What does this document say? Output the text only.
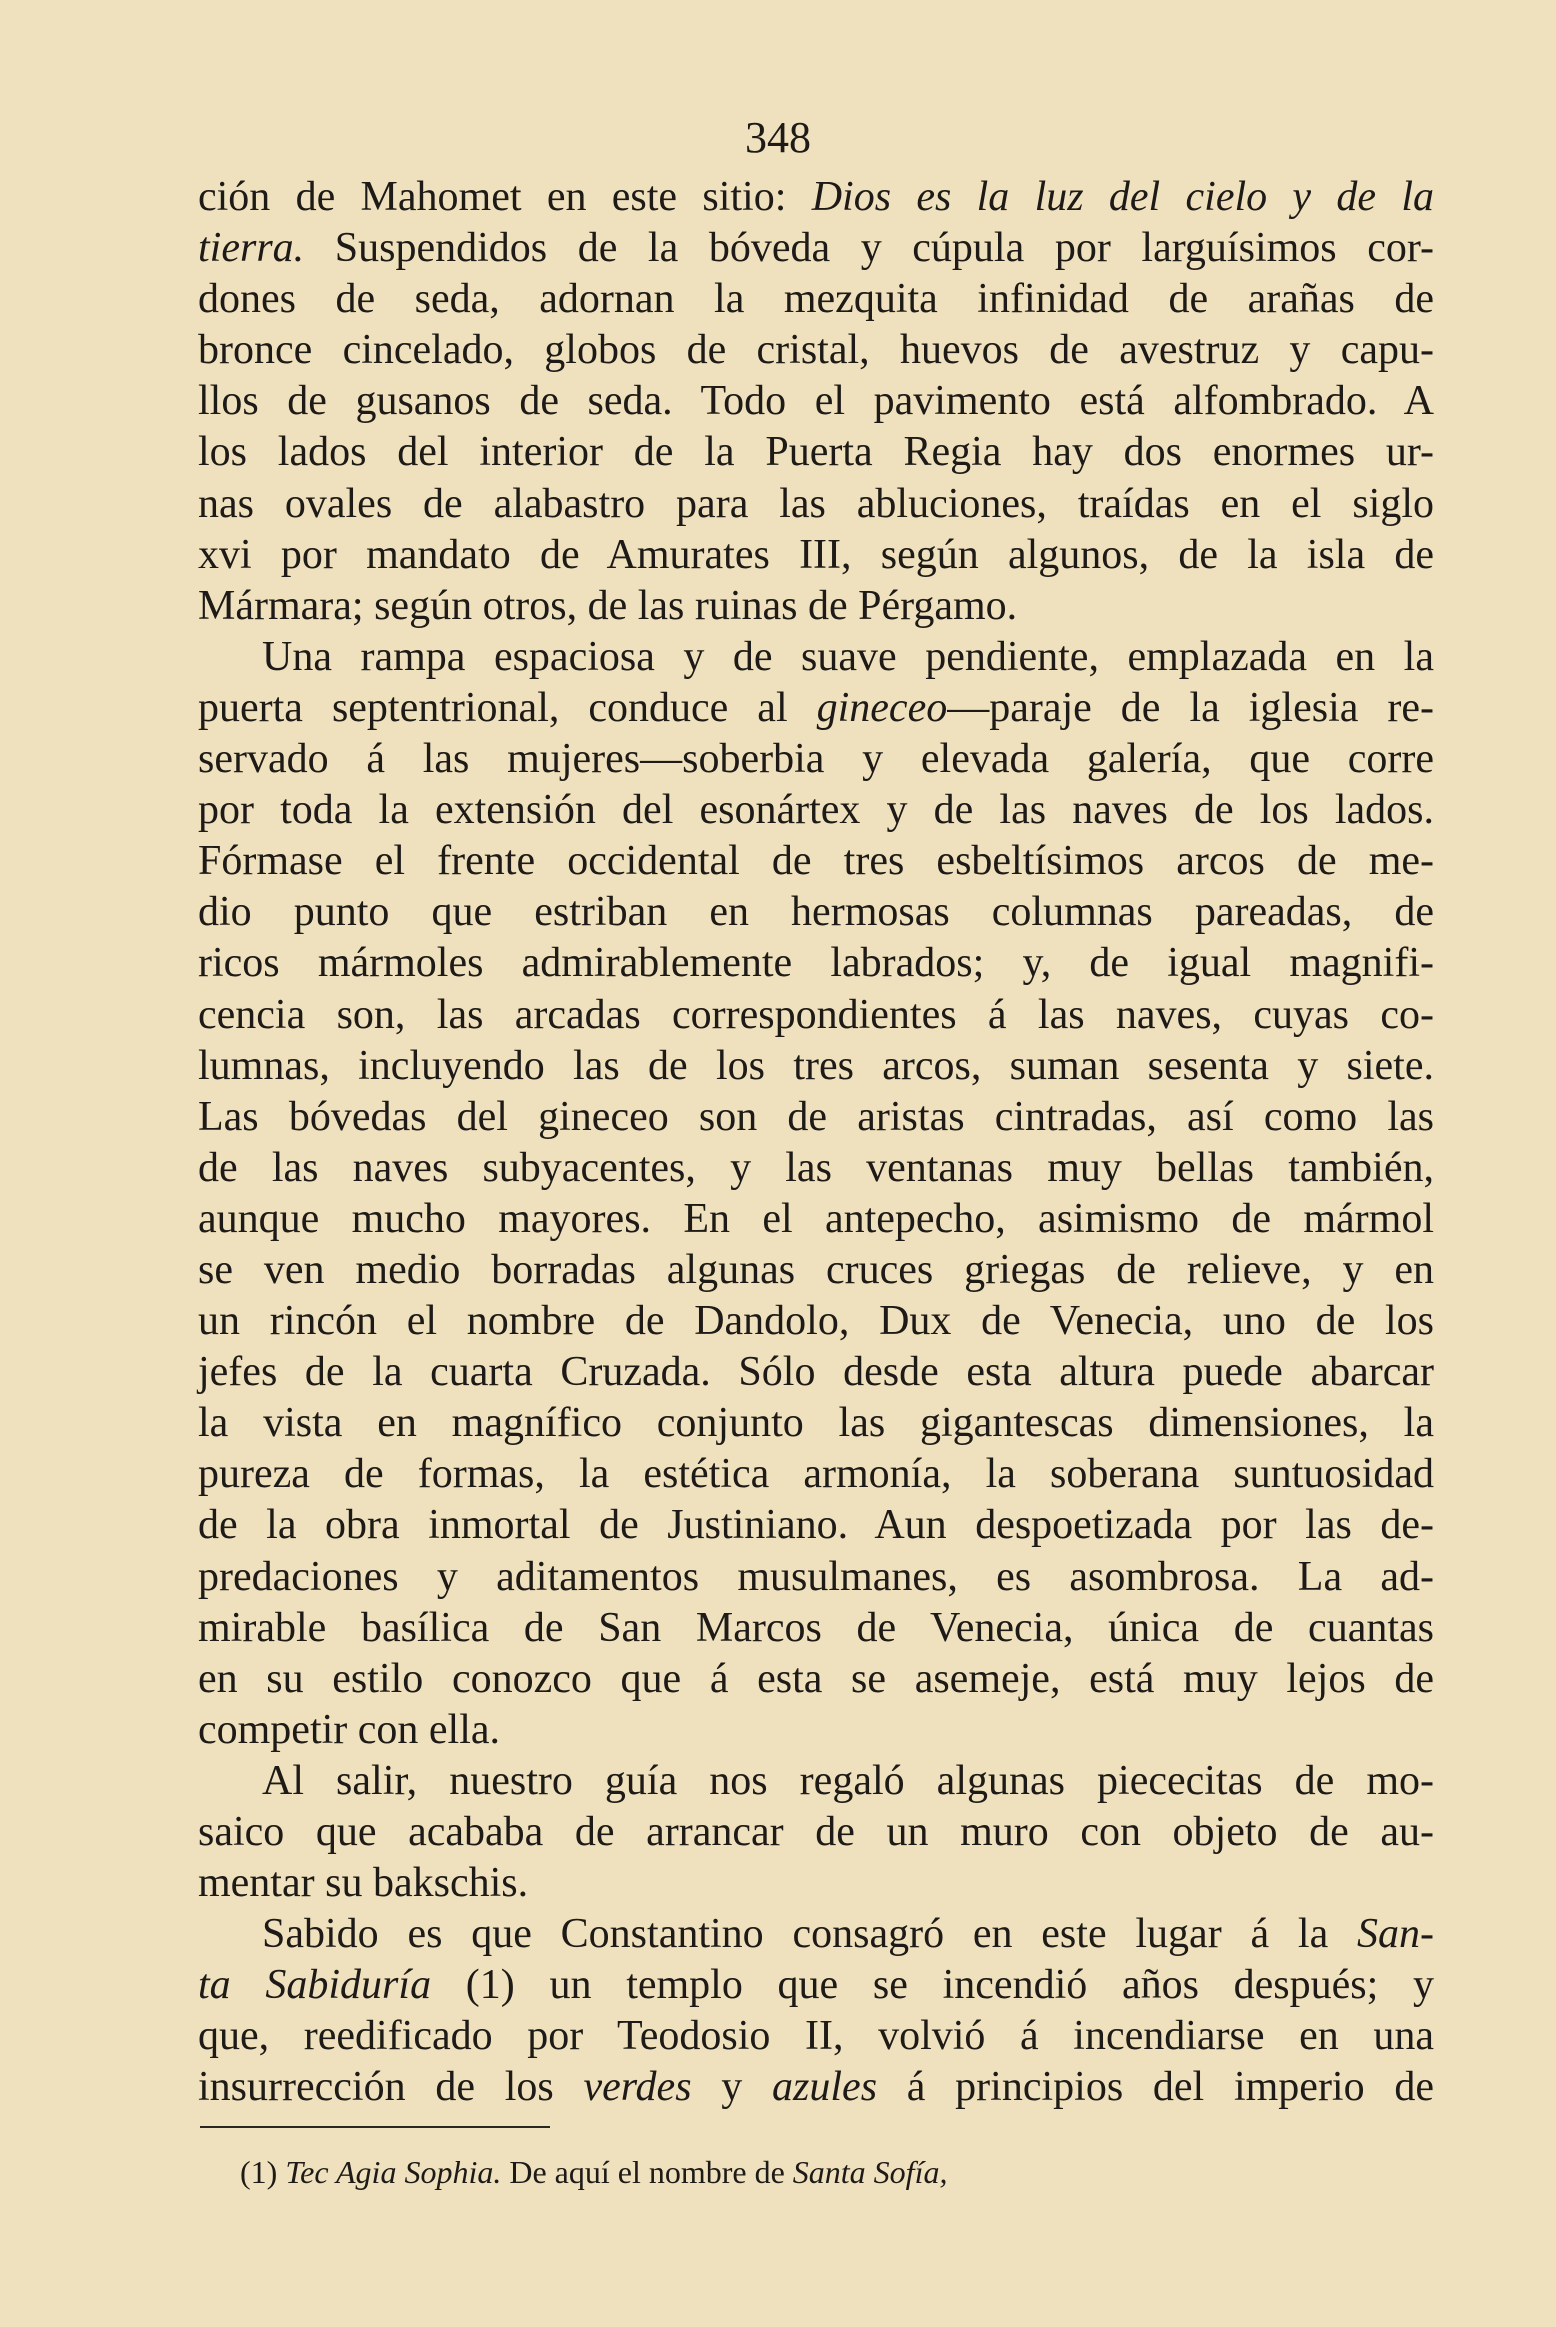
348
ción de Mahomet en este sitio: Dios es la luz del cielo y de la
tierra. Suspendidos de la bóveda y cúpula por larguísimos cor-
dones de seda, adornan la mezquita infinidad de arañas de
bronce cincelado, globos de cristal, huevos de avestruz y capu-
llos de gusanos de seda. Todo el pavimento está alfombrado. A
los lados del interior de la Puerta Regia hay dos enormes ur-
nas ovales de alabastro para las abluciones, traídas en el siglo
xvi por mandato de Amurates III, según algunos, de la isla de
Mármara; según otros, de las ruinas de Pérgamo.
Una rampa espaciosa y de suave pendiente, emplazada en la
puerta septentrional, conduce al gineceo—paraje de la iglesia re-
servado á las mujeres—soberbia y elevada galería, que corre
por toda la extensión del esonártex y de las naves de los lados.
Fórmase el frente occidental de tres esbeltísimos arcos de me-
dio punto que estriban en hermosas columnas pareadas, de
ricos mármoles admirablemente labrados; y, de igual magnifi-
cencia son, las arcadas correspondientes á las naves, cuyas co-
lumnas, incluyendo las de los tres arcos, suman sesenta y siete.
Las bóvedas del gineceo son de aristas cintradas, así como las
de las naves subyacentes, y las ventanas muy bellas también,
aunque mucho mayores. En el antepecho, asimismo de mármol
se ven medio borradas algunas cruces griegas de relieve, y en
un rincón el nombre de Dandolo, Dux de Venecia, uno de los
jefes de la cuarta Cruzada. Sólo desde esta altura puede abarcar
la vista en magnífico conjunto las gigantescas dimensiones, la
pureza de formas, la estética armonía, la soberana suntuosidad
de la obra inmortal de Justiniano. Aun despoetizada por las de-
predaciones y aditamentos musulmanes, es asombrosa. La ad-
mirable basílica de San Marcos de Venecia, única de cuantas
en su estilo conozco que á esta se asemeje, está muy lejos de
competir con ella.
Al salir, nuestro guía nos regaló algunas piececitas de mo-
saico que acababa de arrancar de un muro con objeto de au-
mentar su bakschis.
Sabido es que Constantino consagró en este lugar á la San-
ta Sabiduría (1) un templo que se incendió años después; y
que, reedificado por Teodosio II, volvió á incendiarse en una
insurrección de los verdes y azules á principios del imperio de
(1) Tec Agia Sophia. De aquí el nombre de Santa Sofía,
